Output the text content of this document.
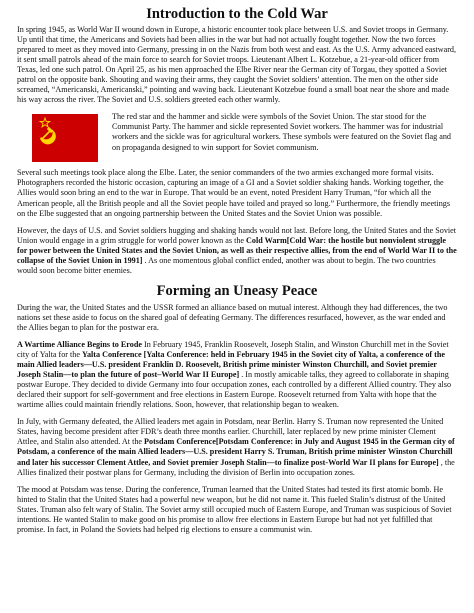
Introduction to the Cold War

In spring 1945, as World War II wound down in Europe, a historic encounter took place between U.S. and Soviet troops in Germany. Up until that time, the Americans and Soviets had been allies in the war but had not actually fought together. Now the two forces prepared to meet as they moved into Germany, pressing in on the Nazis from both west and east. As the U.S. Army advanced eastward, it sent small patrols ahead of the main force to search for Soviet troops. Lieutenant Albert L. Kotzebue, a 21-year-old officer from Texas, led one such patrol. On April 25, as his men approached the Elbe River near the German city of Torgau, they spotted a Soviet patrol on the opposite bank. Shouting and waving their arms, they caught the Soviet soldiers’ attention. The men on the other side screamed, “Americanski, Americanski,” pointing and waving back. Lieutenant Kotzebue found a small boat near the shore and made his way across the river. The Soviet and U.S. soldiers greeted each other warmly.

The red star and the hammer and sickle were symbols of the Soviet Union. The star stood for the Communist Party. The hammer and sickle represented Soviet workers. The hammer was for industrial workers and the sickle was for agricultural workers. These symbols were featured on the Soviet flag and on propaganda designed to win support for Soviet communism.

Several such meetings took place along the Elbe. Later, the senior commanders of the two armies exchanged more formal visits. Photographers recorded the historic occasion, capturing an image of a GI and a Soviet soldier shaking hands. Working together, the Allies would soon bring an end to the war in Europe. That would be an event, noted President Harry Truman, “for which all the American people, all the British people and all the Soviet people have toiled and prayed so long.” Furthermore, the friendly meetings on the Elbe suggested that an ongoing partnership between the United States and the Soviet Union was possible.

However, the days of U.S. and Soviet soldiers hugging and shaking hands would not last. Before long, the United States and the Soviet Union would engage in a grim struggle for world power known as the Cold Warm[Cold War: the hostile but nonviolent struggle for power between the United States and the Soviet Union, as well as their respective allies, from the end of World War II to the collapse of the Soviet Union in 1991] . As one momentous global conflict ended, another was about to begin. The two countries would soon become bitter enemies.

Forming an Uneasy Peace

During the war, the United States and the USSR formed an alliance based on mutual interest. Although they had differences, the two nations set these aside to focus on the shared goal of defeating Germany. The differences resurfaced, however, as the war ended and the Allies began to plan for the postwar era.

A Wartime Alliance Begins to Erode In February 1945, Franklin Roosevelt, Joseph Stalin, and Winston Churchill met in the Soviet city of Yalta for the Yalta Conference [Yalta Conference: held in February 1945 in the Soviet city of Yalta, a conference of the main Allied leaders—U.S. president Franklin D. Roosevelt, British prime minister Winston Churchill, and Soviet premier Joseph Stalin—to plan the future of post–World War II Europe] . In mostly amicable talks, they agreed to collaborate in shaping postwar Europe. They decided to divide Germany into four occupation zones, each controlled by a different Allied country. They also declared their support for self-government and free elections in Eastern Europe. Roosevelt returned from Yalta with hope that the wartime allies could maintain friendly relations. Soon, however, that relationship began to weaken.

In July, with Germany defeated, the Allied leaders met again in Potsdam, near Berlin. Harry S. Truman now represented the United States, having become president after FDR’s death three months earlier. Churchill, later replaced by new prime minister Clement Attlee, and Stalin also attended. At the Potsdam Conference[Potsdam Conference: in July and August 1945 in the German city of Potsdam, a conference of the main Allied leaders—U.S. president Harry S. Truman, British prime minister Winston Churchill and later his successor Clement Attlee, and Soviet premier Joseph Stalin—to finalize post-World War II plans for Europe] , the Allies finalized their postwar plans for Germany, including the division of Berlin into occupation zones.

The mood at Potsdam was tense. During the conference, Truman learned that the United States had tested its first atomic bomb. He hinted to Stalin that the United States had a powerful new weapon, but he did not name it. This fueled Stalin’s distrust of the United States. Truman also felt wary of Stalin. The Soviet army still occupied much of Eastern Europe, and Truman was suspicious of Soviet intentions. He wanted Stalin to make good on his promise to allow free elections in Eastern Europe but had not yet fulfilled that promise. In fact, in Poland the Soviets had helped rig elections to ensure a communist win.
